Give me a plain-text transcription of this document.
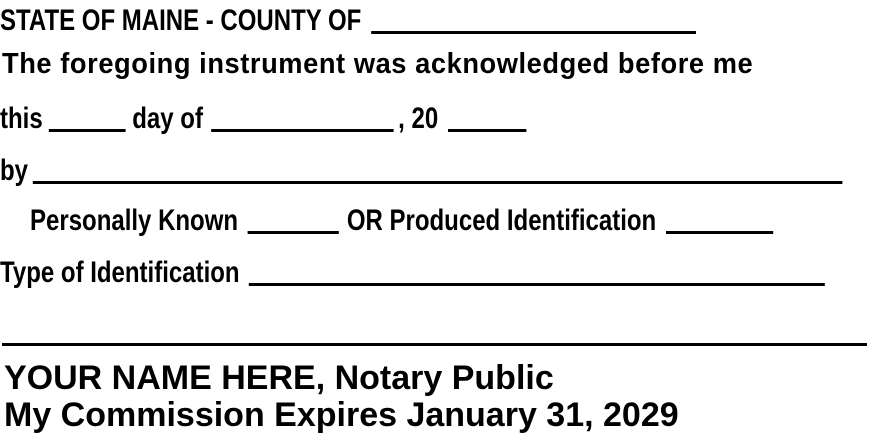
STATE OF MAINE - COUNTY OF
The foregoing instrument was acknowledged before me
this	day of	, 20
by
Personally Known	OR Produced Identification
Type of Identification
YOUR NAME HERE, Notary Public
My Commission Expires January 31, 2029
